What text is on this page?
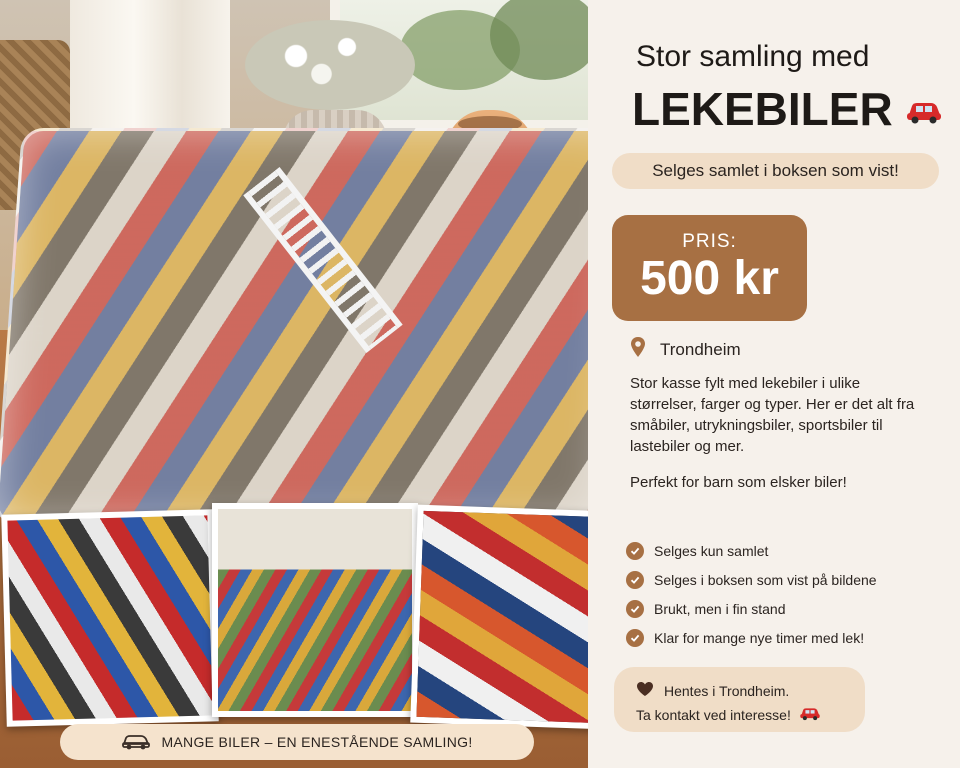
MANGE BILER – EN ENESTÅENDE SAMLING!
Stor samling med
LEKEBILER
Selges samlet i boksen som vist!
PRIS:
500 kr
Trondheim

Stor kasse fylt med lekebiler i ulike størrelser, farger og typer. Her er det alt fra småbiler, utrykningsbiler, sportsbiler til lastebiler og mer.

Perfekt for barn som elsker biler!

Selges kun samlet
Selges i boksen som vist på bildene
Brukt, men i fin stand
Klar for mange nye timer med lek!
Hentes i Trondheim.
Ta kontakt ved interesse!
